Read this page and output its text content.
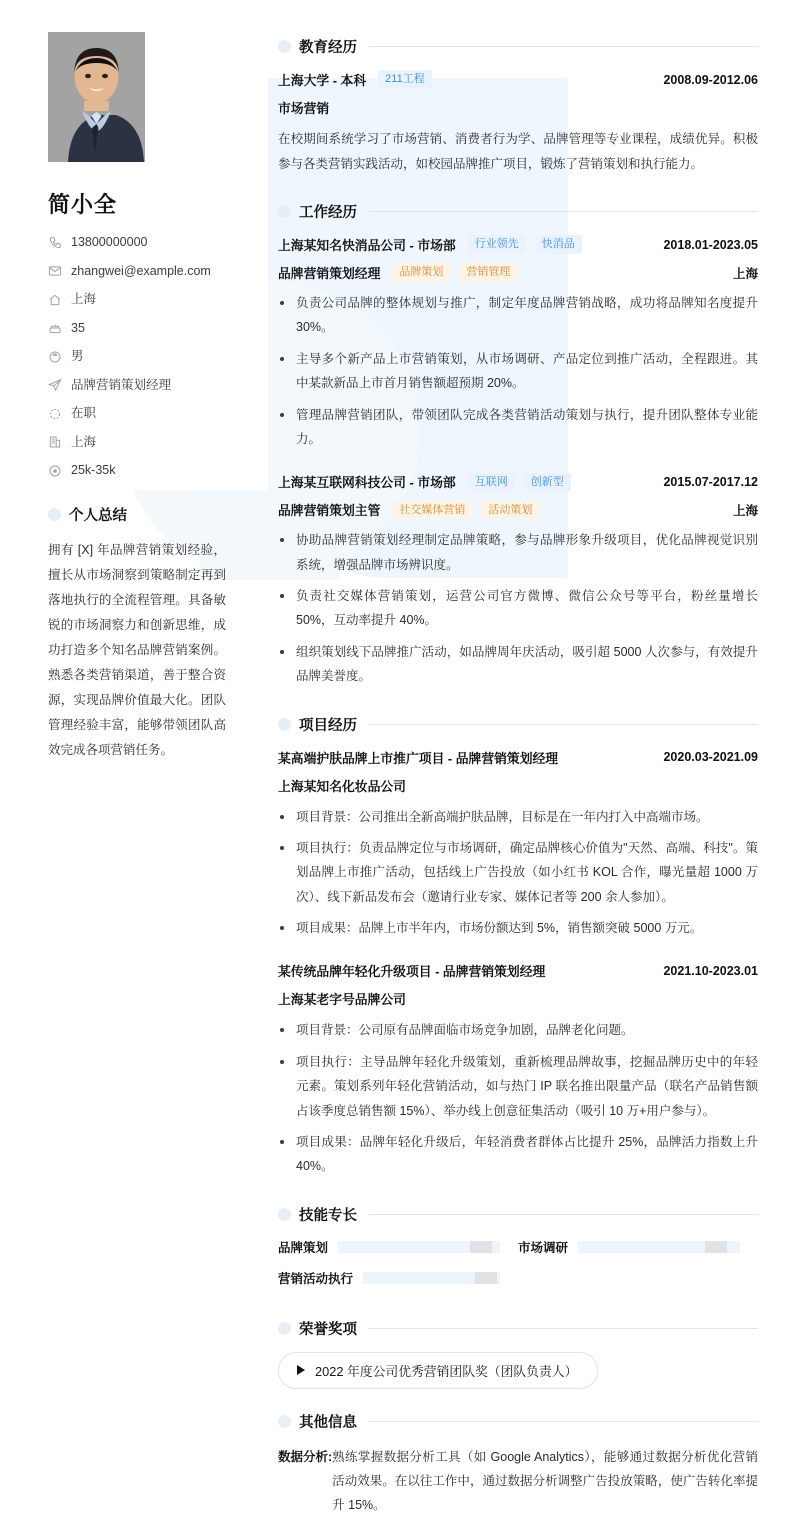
简小全
13800000000
zhangwei@example.com
上海
35
男
品牌营销策划经理
在职
上海
25k-35k
个人总结
拥有 [X] 年品牌营销策划经验，擅长从市场洞察到策略制定再到落地执行的全流程管理。具备敏锐的市场洞察力和创新思维，成功打造多个知名品牌营销案例。熟悉各类营销渠道，善于整合资源，实现品牌价值最大化。团队管理经验丰富，能够带领团队高效完成各项营销任务。
教育经历
上海大学 - 本科	211工程	2008.09-2012.06
市场营销
在校期间系统学习了市场营销、消费者行为学、品牌管理等专业课程，成绩优异。积极参与各类营销实践活动，如校园品牌推广项目，锻炼了营销策划和执行能力。
工作经历
上海某知名快消品公司 - 市场部	行业领先	快消品	2018.01-2023.05
品牌营销策划经理	品牌策划	营销管理	上海
负责公司品牌的整体规划与推广，制定年度品牌营销战略，成功将品牌知名度提升 30%。
主导多个新产品上市营销策划，从市场调研、产品定位到推广活动，全程跟进。其中某款新品上市首月销售额超预期 20%。
管理品牌营销团队，带领团队完成各类营销活动策划与执行，提升团队整体专业能力。
上海某互联网科技公司 - 市场部	互联网	创新型	2015.07-2017.12
品牌营销策划主管	社交媒体营销	活动策划	上海
协助品牌营销策划经理制定品牌策略，参与品牌形象升级项目，优化品牌视觉识别系统，增强品牌市场辨识度。
负责社交媒体营销策划，运营公司官方微博、微信公众号等平台，粉丝量增长 50%，互动率提升 40%。
组织策划线下品牌推广活动，如品牌周年庆活动，吸引超 5000 人次参与，有效提升品牌美誉度。
项目经历
某高端护肤品牌上市推广项目 - 品牌营销策划经理	2020.03-2021.09
上海某知名化妆品公司
项目背景：公司推出全新高端护肤品牌，目标是在一年内打入中高端市场。
项目执行：负责品牌定位与市场调研，确定品牌核心价值为"天然、高端、科技"。策划品牌上市推广活动，包括线上广告投放（如小红书 KOL 合作，曝光量超 1000 万次）、线下新品发布会（邀请行业专家、媒体记者等 200 余人参加）。
项目成果：品牌上市半年内，市场份额达到 5%，销售额突破 5000 万元。
某传统品牌年轻化升级项目 - 品牌营销策划经理	2021.10-2023.01
上海某老字号品牌公司
项目背景：公司原有品牌面临市场竞争加剧，品牌老化问题。
项目执行：主导品牌年轻化升级策划，重新梳理品牌故事，挖掘品牌历史中的年轻元素。策划系列年轻化营销活动，如与热门 IP 联名推出限量产品（联名产品销售额占该季度总销售额 15%）、举办线上创意征集活动（吸引 10 万+用户参与）。
项目成果：品牌年轻化升级后，年轻消费者群体占比提升 25%，品牌活力指数上升 40%。
技能专长
品牌策划	市场调研
营销活动执行
荣誉奖项
2022 年度公司优秀营销团队奖（团队负责人）
其他信息
数据分析: 熟练掌握数据分析工具（如 Google Analytics），能够通过数据分析优化营销活动效果。在以往工作中，通过数据分析调整广告投放策略，使广告转化率提升 15%。
